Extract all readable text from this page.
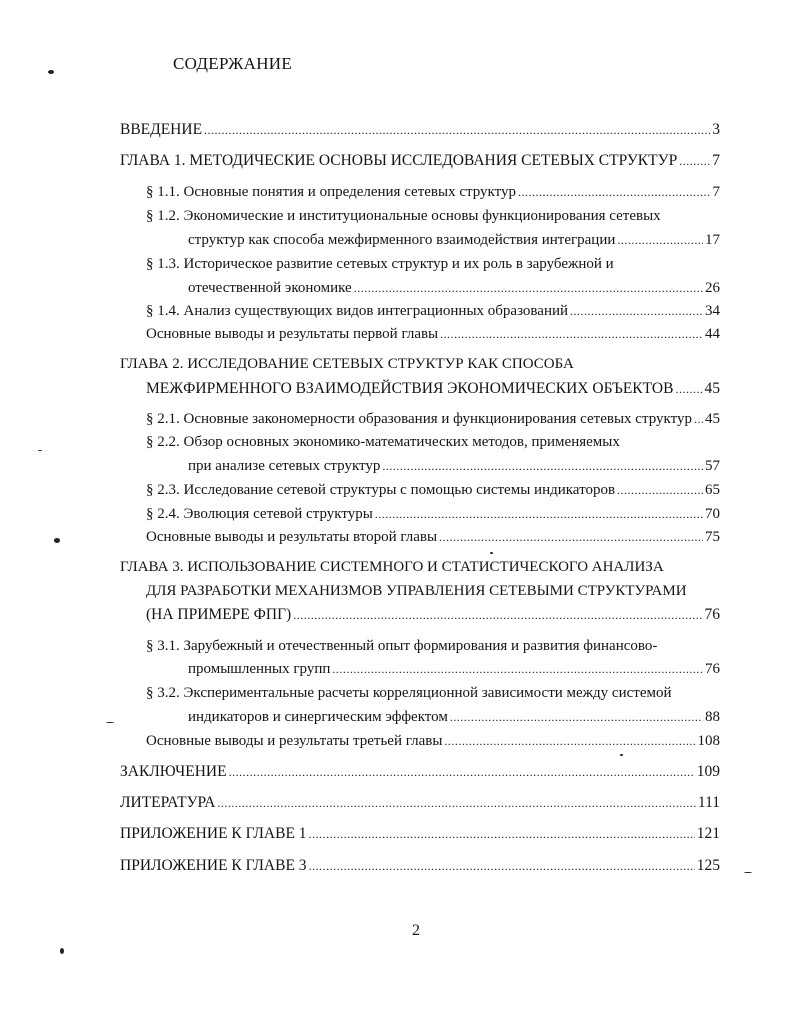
СОДЕРЖАНИЕ
ВВЕДЕНИЕ .....	3
ГЛАВА 1. МЕТОДИЧЕСКИЕ ОСНОВЫ ИССЛЕДОВАНИЯ СЕТЕВЫХ СТРУКТУР ..... 7
§ 1.1. Основные понятия и определения сетевых структур .....	7
§ 1.2. Экономические и институциональные основы функционирования сетевых
структур как способа межфирменного взаимодействия интеграции .....	17
§ 1.3. Историческое развитие сетевых структур и их роль в зарубежной и
отечественной экономике .....	26
§ 1.4. Анализ существующих видов интеграционных образований .....	34
Основные выводы и результаты первой главы .....	44
ГЛАВА 2. ИССЛЕДОВАНИЕ СЕТЕВЫХ СТРУКТУР КАК СПОСОБА
МЕЖФИРМЕННОГО ВЗАИМОДЕЙСТВИЯ ЭКОНОМИЧЕСКИХ ОБЪЕКТОВ ..... 45
§ 2.1. Основные закономерности образования и функционирования сетевых структур ..... 45
§ 2.2. Обзор основных экономико-математических методов, применяемых
при анализе сетевых структур .....	57
§ 2.3. Исследование сетевой структуры с помощью системы индикаторов .....	65
§ 2.4. Эволюция сетевой структуры .....	70
Основные выводы и результаты второй главы .....	75
ГЛАВА 3. ИСПОЛЬЗОВАНИЕ СИСТЕМНОГО И СТАТИСТИЧЕСКОГО АНАЛИЗА
ДЛЯ РАЗРАБОТКИ МЕХАНИЗМОВ УПРАВЛЕНИЯ СЕТЕВЫМИ СТРУКТУРАМИ
(НА ПРИМЕРЕ ФПГ) .....	76
§ 3.1. Зарубежный и отечественный опыт формирования и развития финансово-
промышленных групп .....	76
§ 3.2. Экспериментальные расчеты корреляционной зависимости между системой
индикаторов и синергическим эффектом .....	88
Основные выводы и результаты третьей главы .....	108
ЗАКЛЮЧЕНИЕ .....	109
ЛИТЕРАТУРА .....	111
ПРИЛОЖЕНИЕ К ГЛАВЕ 1 .....	121
ПРИЛОЖЕНИЕ К ГЛАВЕ 3 .....	125
2
